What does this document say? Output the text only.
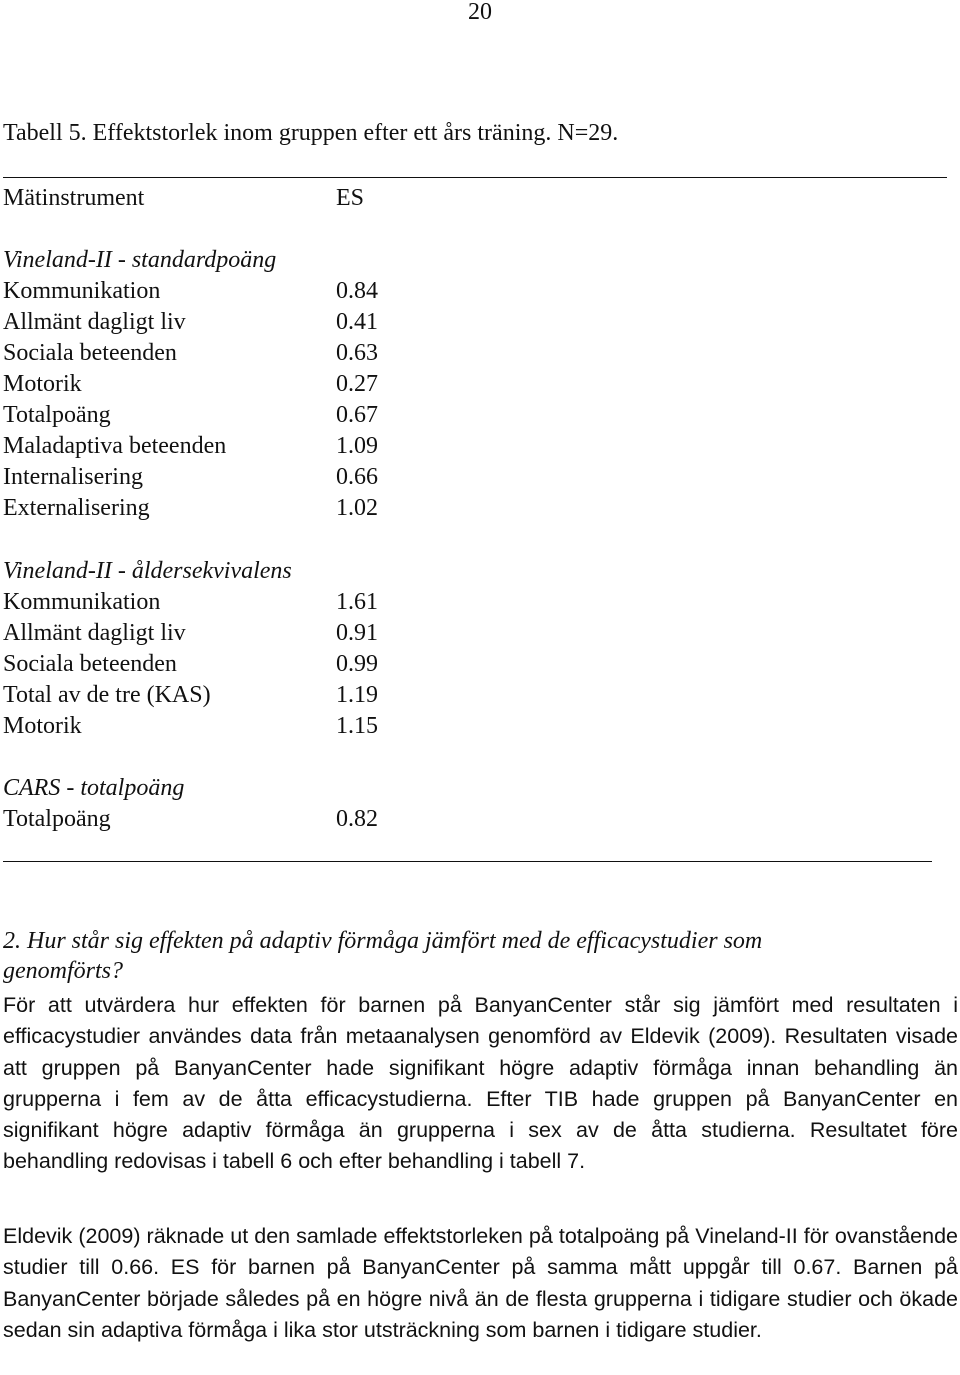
20
Tabell 5. Effektstorlek inom gruppen efter ett års träning. N=29.
Mätinstrument	ES
Vineland-II - standardpoäng
Kommunikation	0.84
Allmänt dagligt liv	0.41
Sociala beteenden	0.63
Motorik	0.27
Totalpoäng	0.67
Maladaptiva beteenden	1.09
Internalisering	0.66
Externalisering	1.02
Vineland-II - åldersekvivalens
Kommunikation	1.61
Allmänt dagligt liv	0.91
Sociala beteenden	0.99
Total av de tre (KAS)	1.19
Motorik	1.15
CARS - totalpoäng
Totalpoäng	0.82
2. Hur står sig effekten på adaptiv förmåga jämfört med de efficacystudier som genomförts?

För att utvärdera hur effekten för barnen på BanyanCenter står sig jämfört med resultaten i efficacystudier användes data från metaanalysen genomförd av Eldevik (2009). Resultaten visade att gruppen på BanyanCenter hade signifikant högre adaptiv förmåga innan behandling än grupperna i fem av de åtta efficacystudierna. Efter TIB hade gruppen på BanyanCenter en signifikant högre adaptiv förmåga än grupperna i sex av de åtta studierna. Resultatet före behandling redovisas i tabell 6 och efter behandling i tabell 7.

Eldevik (2009) räknade ut den samlade effektstorleken på totalpoäng på Vineland-II för ovanstående studier till 0.66. ES för barnen på BanyanCenter på samma mått uppgår till 0.67. Barnen på BanyanCenter började således på en högre nivå än de flesta grupperna i tidigare studier och ökade sedan sin adaptiva förmåga i lika stor utsträckning som barnen i tidigare studier.
